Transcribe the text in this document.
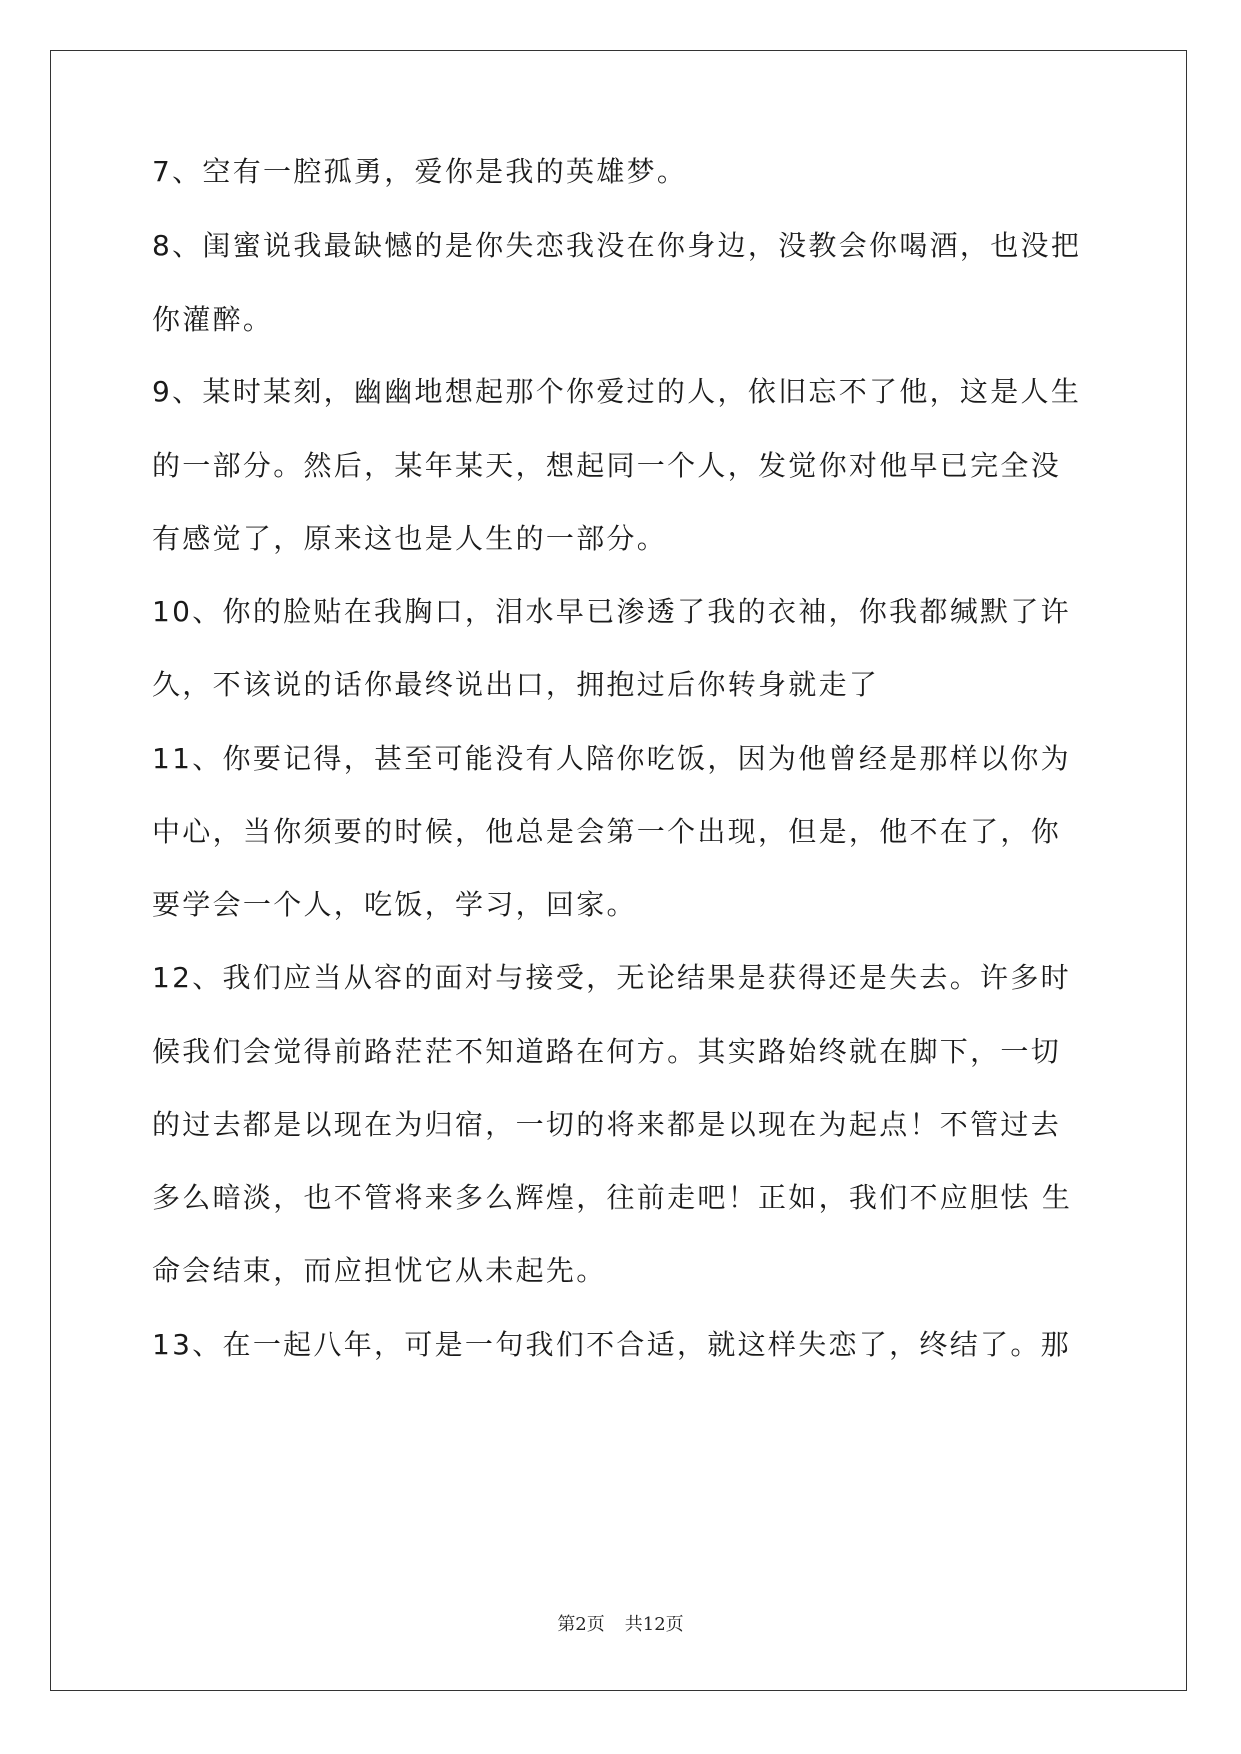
7、空有一腔孤勇，爱你是我的英雄梦。

8、闺蜜说我最缺憾的是你失恋我没在你身边，没教会你喝酒，也没把

你灌醉。

9、某时某刻，幽幽地想起那个你爱过的人，依旧忘不了他，这是人生

的一部分。然后，某年某天，想起同一个人，发觉你对他早已完全没

有感觉了，原来这也是人生的一部分。

10、你的脸贴在我胸口，泪水早已渗透了我的衣袖，你我都缄默了许

久，不该说的话你最终说出口，拥抱过后你转身就走了

11、你要记得，甚至可能没有人陪你吃饭，因为他曾经是那样以你为

中心，当你须要的时候，他总是会第一个出现，但是，他不在了，你

要学会一个人，吃饭，学习，回家。

12、我们应当从容的面对与接受，无论结果是获得还是失去。许多时

候我们会觉得前路茫茫不知道路在何方。其实路始终就在脚下，一切

的过去都是以现在为归宿，一切的将来都是以现在为起点！不管过去

多么暗淡，也不管将来多么辉煌，往前走吧！正如，我们不应胆怯 生

命会结束，而应担忧它从未起先。

13、在一起八年，可是一句我们不合适，就这样失恋了，终结了。那

第2页 共12页
